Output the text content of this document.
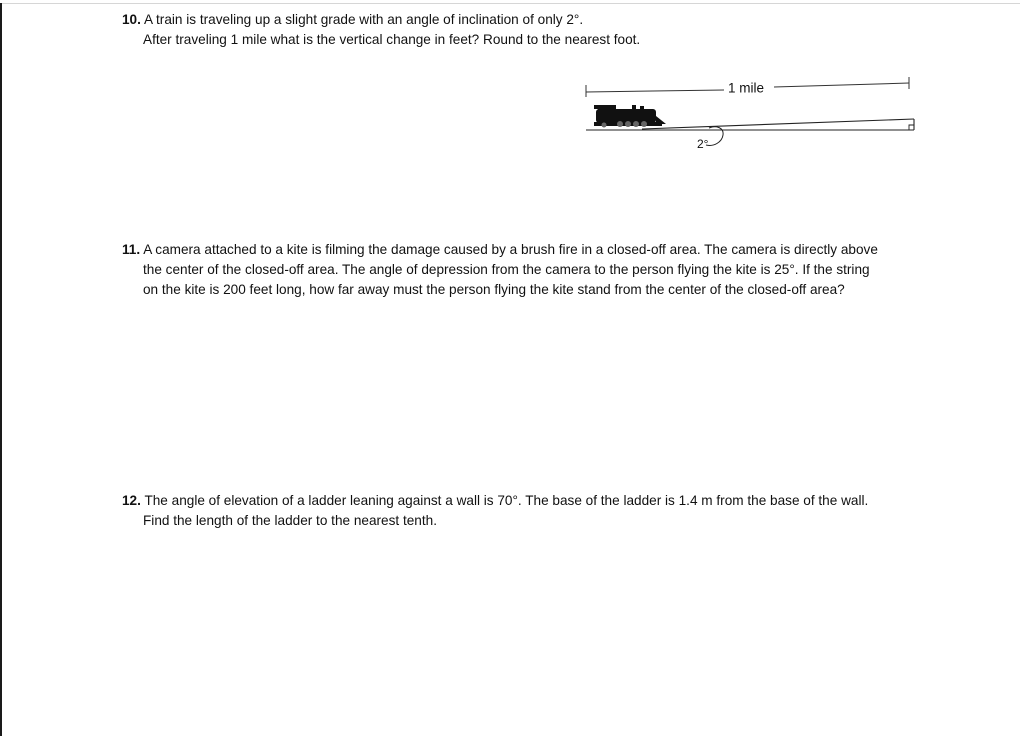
10. A train is traveling up a slight grade with an angle of inclination of only 2°.
After traveling 1 mile what is the vertical change in feet? Round to the nearest foot.
1 mile
2°
11. A camera attached to a kite is filming the damage caused by a brush fire in a closed-off area. The camera is directly above
the center of the closed-off area. The angle of depression from the camera to the person flying the kite is 25°. If the string
on the kite is 200 feet long, how far away must the person flying the kite stand from the center of the closed-off area?
12. The angle of elevation of a ladder leaning against a wall is 70°. The base of the ladder is 1.4 m from the base of the wall.
Find the length of the ladder to the nearest tenth.
